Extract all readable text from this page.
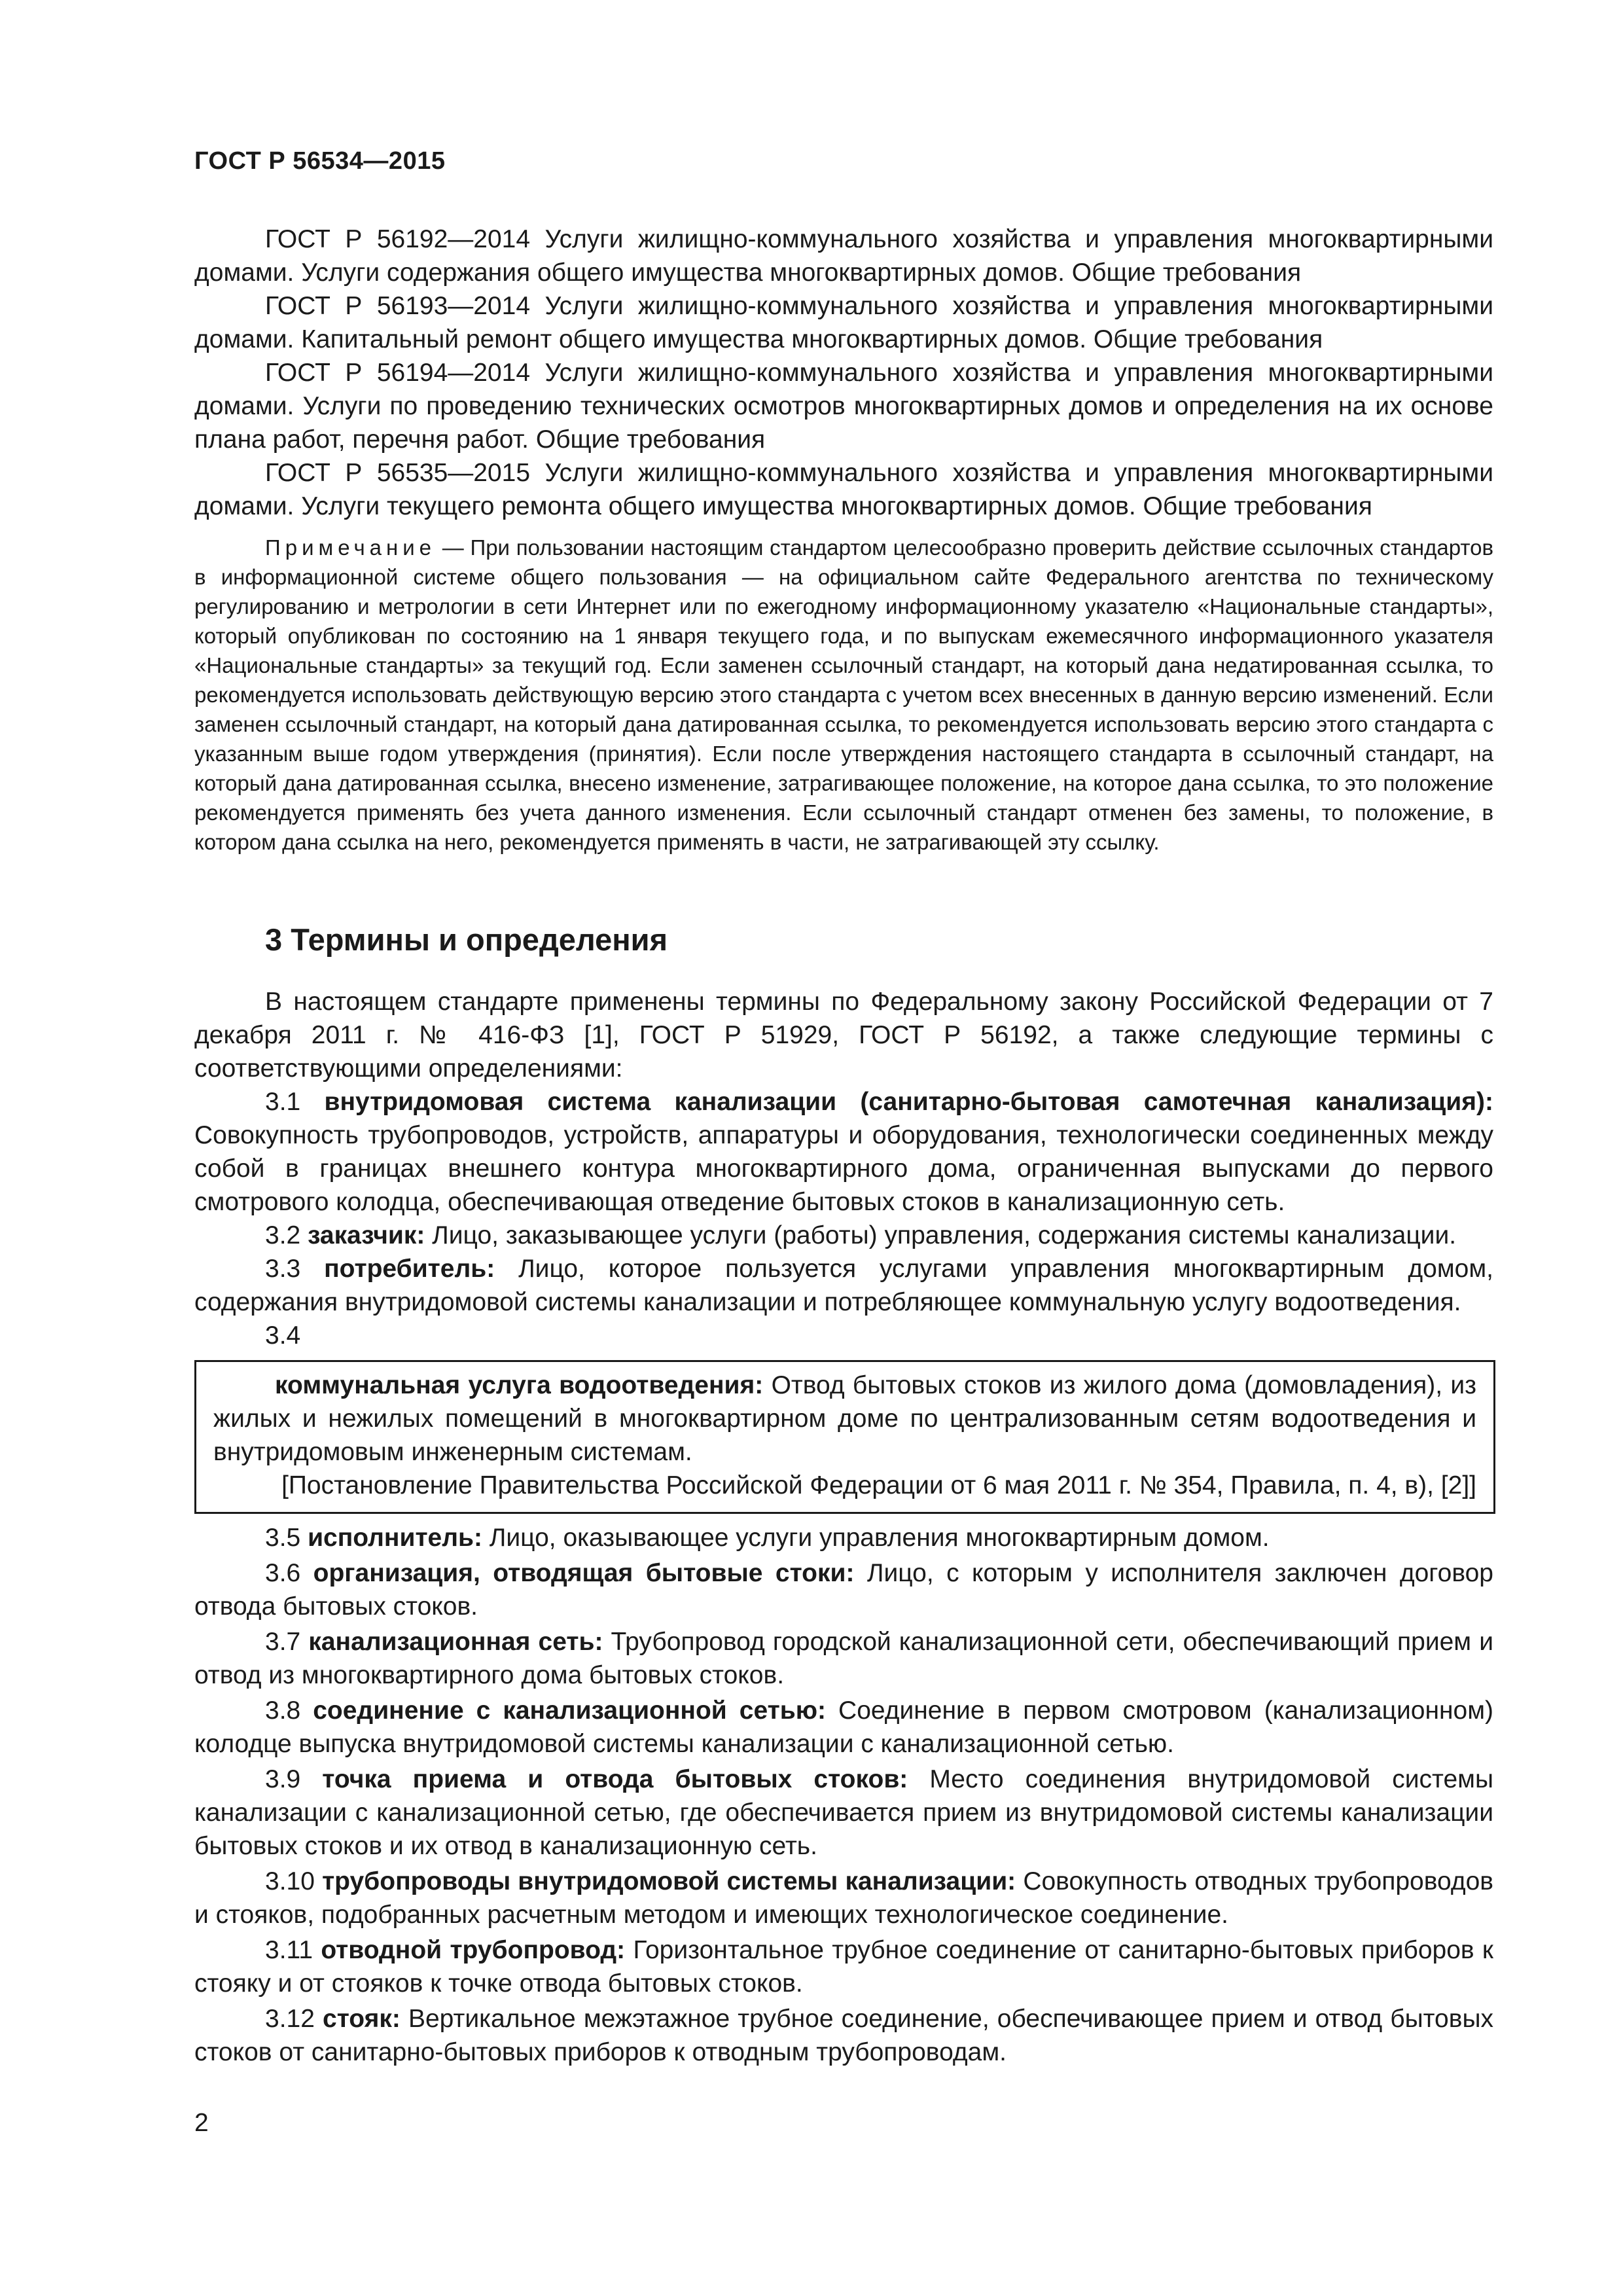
ГОСТ Р 56534—2015

ГОСТ Р 56192—2014 Услуги жилищно-коммунального хозяйства и управления многоквартирными домами. Услуги содержания общего имущества многоквартирных домов. Общие требования

ГОСТ Р 56193—2014 Услуги жилищно-коммунального хозяйства и управления многоквартирными домами. Капитальный ремонт общего имущества многоквартирных домов. Общие требования

ГОСТ Р 56194—2014 Услуги жилищно-коммунального хозяйства и управления многоквартирными домами. Услуги по проведению технических осмотров многоквартирных домов и определения на их основе плана работ, перечня работ. Общие требования

ГОСТ Р 56535—2015 Услуги жилищно-коммунального хозяйства и управления многоквартирными домами. Услуги текущего ремонта общего имущества многоквартирных домов. Общие требования

Примечание — При пользовании настоящим стандартом целесообразно проверить действие ссылочных стандартов в информационной системе общего пользования — на официальном сайте Федерального агентства по техническому регулированию и метрологии в сети Интернет или по ежегодному информационному указателю «Национальные стандарты», который опубликован по состоянию на 1 января текущего года, и по выпускам ежемесячного информационного указателя «Национальные стандарты» за текущий год. Если заменен ссылочный стандарт, на который дана недатированная ссылка, то рекомендуется использовать действующую версию этого стандарта с учетом всех внесенных в данную версию изменений. Если заменен ссылочный стандарт, на который дана датированная ссылка, то рекомендуется использовать версию этого стандарта с указанным выше годом утверждения (принятия). Если после утверждения настоящего стандарта в ссылочный стандарт, на который дана датированная ссылка, внесено изменение, затрагивающее положение, на которое дана ссылка, то это положение рекомендуется применять без учета данного изменения. Если ссылочный стандарт отменен без замены, то положение, в котором дана ссылка на него, рекомендуется применять в части, не затрагивающей эту ссылку.

3 Термины и определения

В настоящем стандарте применены термины по Федеральному закону Российской Федерации от 7 декабря 2011 г. № 416-ФЗ [1], ГОСТ Р 51929, ГОСТ Р 56192, а также следующие термины с соответствующими определениями:

3.1 внутридомовая система канализации (санитарно-бытовая самотечная канализация): Совокупность трубопроводов, устройств, аппаратуры и оборудования, технологически соединенных между собой в границах внешнего контура многоквартирного дома, ограниченная выпусками до первого смотрового колодца, обеспечивающая отведение бытовых стоков в канализационную сеть.

3.2 заказчик: Лицо, заказывающее услуги (работы) управления, содержания системы канализации.

3.3 потребитель: Лицо, которое пользуется услугами управления многоквартирным домом, содержания внутридомовой системы канализации и потребляющее коммунальную услугу водоотведения.

3.4

коммунальная услуга водоотведения: Отвод бытовых стоков из жилого дома (домовладения), из жилых и нежилых помещений в многоквартирном доме по централизованным сетям водоотведения и внутридомовым инженерным системам.

[Постановление Правительства Российской Федерации от 6 мая 2011 г. № 354, Правила, п. 4, в), [2]]

3.5 исполнитель: Лицо, оказывающее услуги управления многоквартирным домом.

3.6 организация, отводящая бытовые стоки: Лицо, с которым у исполнителя заключен договор отвода бытовых стоков.

3.7 канализационная сеть: Трубопровод городской канализационной сети, обеспечивающий прием и отвод из многоквартирного дома бытовых стоков.

3.8 соединение с канализационной сетью: Соединение в первом смотровом (канализационном) колодце выпуска внутридомовой системы канализации с канализационной сетью.

3.9 точка приема и отвода бытовых стоков: Место соединения внутридомовой системы канализации с канализационной сетью, где обеспечивается прием из внутридомовой системы канализации бытовых стоков и их отвод в канализационную сеть.

3.10 трубопроводы внутридомовой системы канализации: Совокупность отводных трубопроводов и стояков, подобранных расчетным методом и имеющих технологическое соединение.

3.11 отводной трубопровод: Горизонтальное трубное соединение от санитарно-бытовых приборов к стояку и от стояков к точке отвода бытовых стоков.

3.12 стояк: Вертикальное межэтажное трубное соединение, обеспечивающее прием и отвод бытовых стоков от санитарно-бытовых приборов к отводным трубопроводам.

2
